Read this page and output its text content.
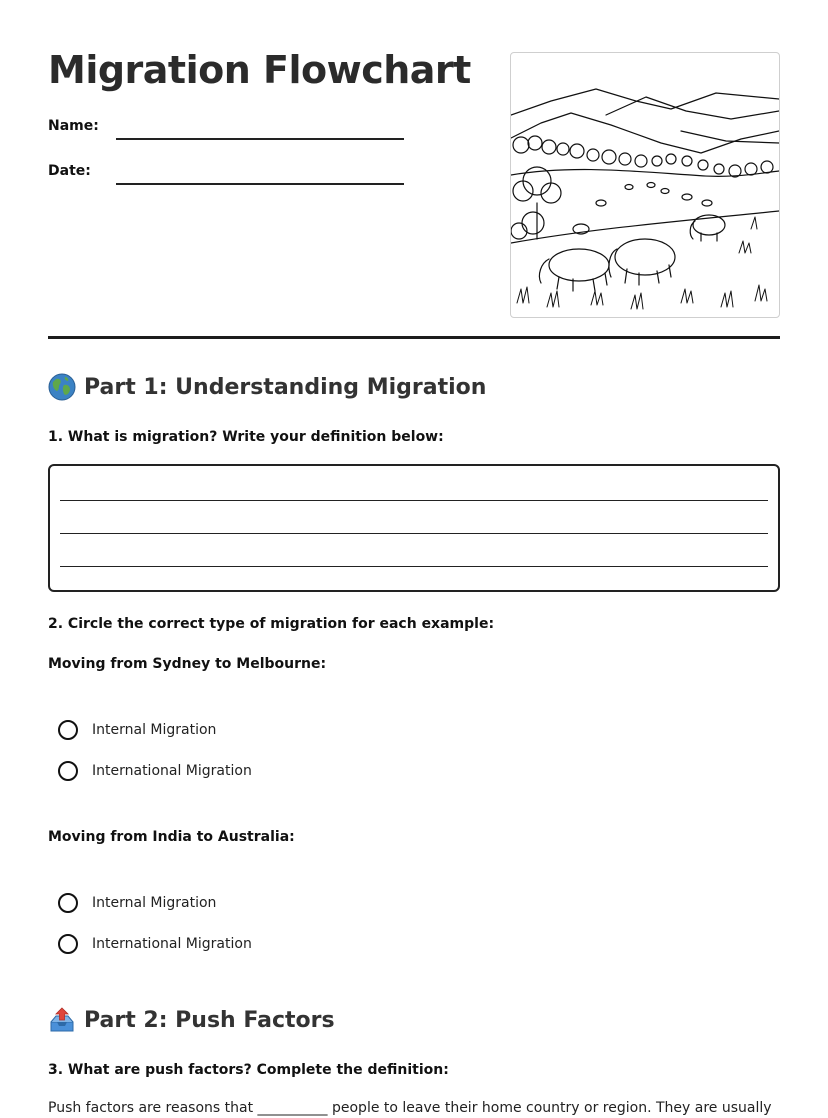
Migration Flowchart
Name:
Date:
Part 1: Understanding Migration
1. What is migration? Write your definition below:
2. Circle the correct type of migration for each example:
Moving from Sydney to Melbourne:
Internal Migration
International Migration
Moving from India to Australia:
Internal Migration
International Migration
Part 2: Push Factors
3. What are push factors? Complete the definition:
Push factors are reasons that __________ people to leave their home country or region. They are usually
